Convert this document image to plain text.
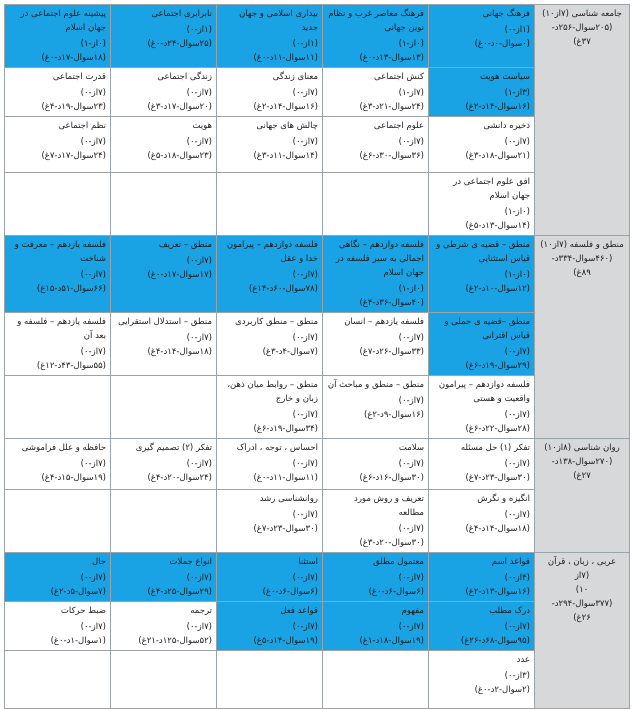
جامعه شناسی (۷از۱۰)
(۲۰۵سوال-۲۵۶د-
۳۷غ)	فرهنگ جهانی
(۱از-۰)
(۰سوال-۰د-۰غ)	فرهنگ معاصر غرب و نظام نوین جهانی
(۰از-۱)
(۱۳سوال-۱۳د-۰غ)	بیداری اسلامی و جهان جدید
(۱از-۰)
(۱۱سوال-۱۱د-۰غ)	نابرابری اجتماعی
(۱از-۰)
(۲۵سوال-۲۴د-۰غ)	پیشینه علوم اجتماعی در جهان اسلام
(۰از-۱)
(۱۸سوال-۱۷د-۰غ)

	سیاست هویت
(۳از-۱)
(۱۶سوال-۱۴د-۲غ)	کنش اجتماعی
(۷از-۱)
(۲۴سوال-۲۱د-۳غ)	معنای زندگی
(۷از-۰)
(۱۶سوال-۱۴د-۲غ)	زندگی اجتماعی
(۷از-۰)
(۲۰سوال-۱۷د-۳غ)	قدرت اجتماعی
(۷از-۰)
(۲۳سوال-۱۹د-۴غ)

	ذخیره دانشی
(۷از-۰)
(۲۱سوال-۱۸د-۳غ)	علوم اجتماعی
(۷از-۰)
(۳۶سوال-۳۰د-۶غ)	چالش های جهانی
(۷از-۰)
(۱۴سوال-۱۱د-۳غ)	هویت
(۷از-۰)
(۲۳سوال-۱۸د-۵غ)	نظم اجتماعی
(۷از-۰)
(۲۴سوال-۱۷د-۷غ)

	افق علوم اجتماعی در جهان اسلام
(۰از-۱)
(۱۴سوال-۱۳د-۵غ)				

منطق و فلسفه (۷از۱۰)
(۴۶۰سوال-۳۳۴د-
۸۹غ)	منطق – قضیه ی شرطی و قیاس استثنایی
(۰از-۱)
(۱۲سوال-۱۰د-۲غ)	فلسفه دوازدهم – نگاهی اجمالی به سیر فلسفه در جهان اسلام
(۰از-۱)
(۴۰سوال-۳۶د-۴غ)	فلسفه دوازدهم – پیرامون خدا و عقل
(۷از-۰)
(۷۸سوال-۶۰د-۱۴غ)	منطق – تعریف
(۷از-۰)
(۱۷سوال-۱۷د-۰غ)	فلسفه یازدهم – معرفت و شناخت
(۷از-۰)
(۶۶سوال-۵۱د-۱۵غ)

	منطق –قضیه ی حملی و قیاس اقترانی
(۷از-۰)
(۲۹سوال-۱۹د-۶غ)	فلسفه یازدهم – انسان
(۷از-۰)
(۳۳سوال-۲۶د-۷غ)	منطق – منطق کاربردی
(۷از-۰)
(۷سوال-۴د-۳غ)	منطق – استدلال استقرایی
(۷از-۰)
(۱۸سوال-۱۴د-۴غ)	فلسفه یازدهم – فلسفه و بعد آن
(۷از-۰)
(۵۵سوال-۴۳د-۱۲غ)

	فلسفه دوازدهم – پیرامون واقعیت و هستی
(۷از-۰)
(۲۸سوال-۲۲د-۶غ)	منطق – منطق و مباحث آن
(۷از-۰)
(۱۶سوال-۹د-۲غ)	منطق – روابط میان ذهن، زبان و خارج
(۷از-۰)
(۳۴سوال-۱۹د-۶غ)		

روان شناسی (۸از۱۰)
(۲۷۰سوال-۱۳۸د-
۲۷غ)	تفکر (۱) حل مسئله
(۷از-۰)
(۳۰سوال-۲۳د-۷غ)	سلامت
(۷از-۰)
(۳۰سوال-۱۶د-۶غ)	احساس ، توجه ، ادراک
(۷از-۰)
(۱۱سوال-۱۱د-۰غ)	تفکر (۲) تصمیم گیری
(۷از-۰)
(۲۴سوال-۲۰د-۴غ)	حافظه و علل فراموشی
(۷از-۰)
(۱۹سوال-۱۵د-۴غ)

	انگیزه و نگرش
(۷از-۰)
(۱۸سوال-۱۴د-۴غ)	تعریف و روش مورد مطالعه
(۷از-۰)
(۳۰سوال-۲۰د-۳غ)	روانشناسی رشد
(۷از-۰)
(۳۰سوال-۲۳د-۷غ)		

عربی ، زبان ، قرآن
(۷از
۱۰)
(۳۷۷سوال-۲۹۴د-
۲۶غ)	قواعد اسم
(۴از-۰)
(۱۶سوال-۱۳د-۲غ)	معتمول مطلق
(۷از-۰)
(۶سوال-۶د-۰غ)	استثنا
(۷از-۰)
(۶سوال-۶د-۰غ)	انواع جملات
(۷از-۰)
(۲۹سوال-۲۵د-۴غ)	حال
(۷از-۰)
(۷سوال-۵د-۲غ)

	درک مطلب
(۷از-۰)
(۹۵سوال-۶۸د-۲۶غ)	مفهوم
(۷از-۰)
(۱۹سوال-۱۸د-۱غ)	قواعد فعل
(۷از-۰)
(۱۹سوال-۱۴د-۵غ)	ترجمه
(۷از-۰)
(۵۲سوال-۱۲۵د-۲۱غ)	ضبط حرکات
(۷از-۰)
(۱سوال-۱د-۰غ)

	عدد
(۳از-۰)
(۲سوال-۲د-۰غ)				
